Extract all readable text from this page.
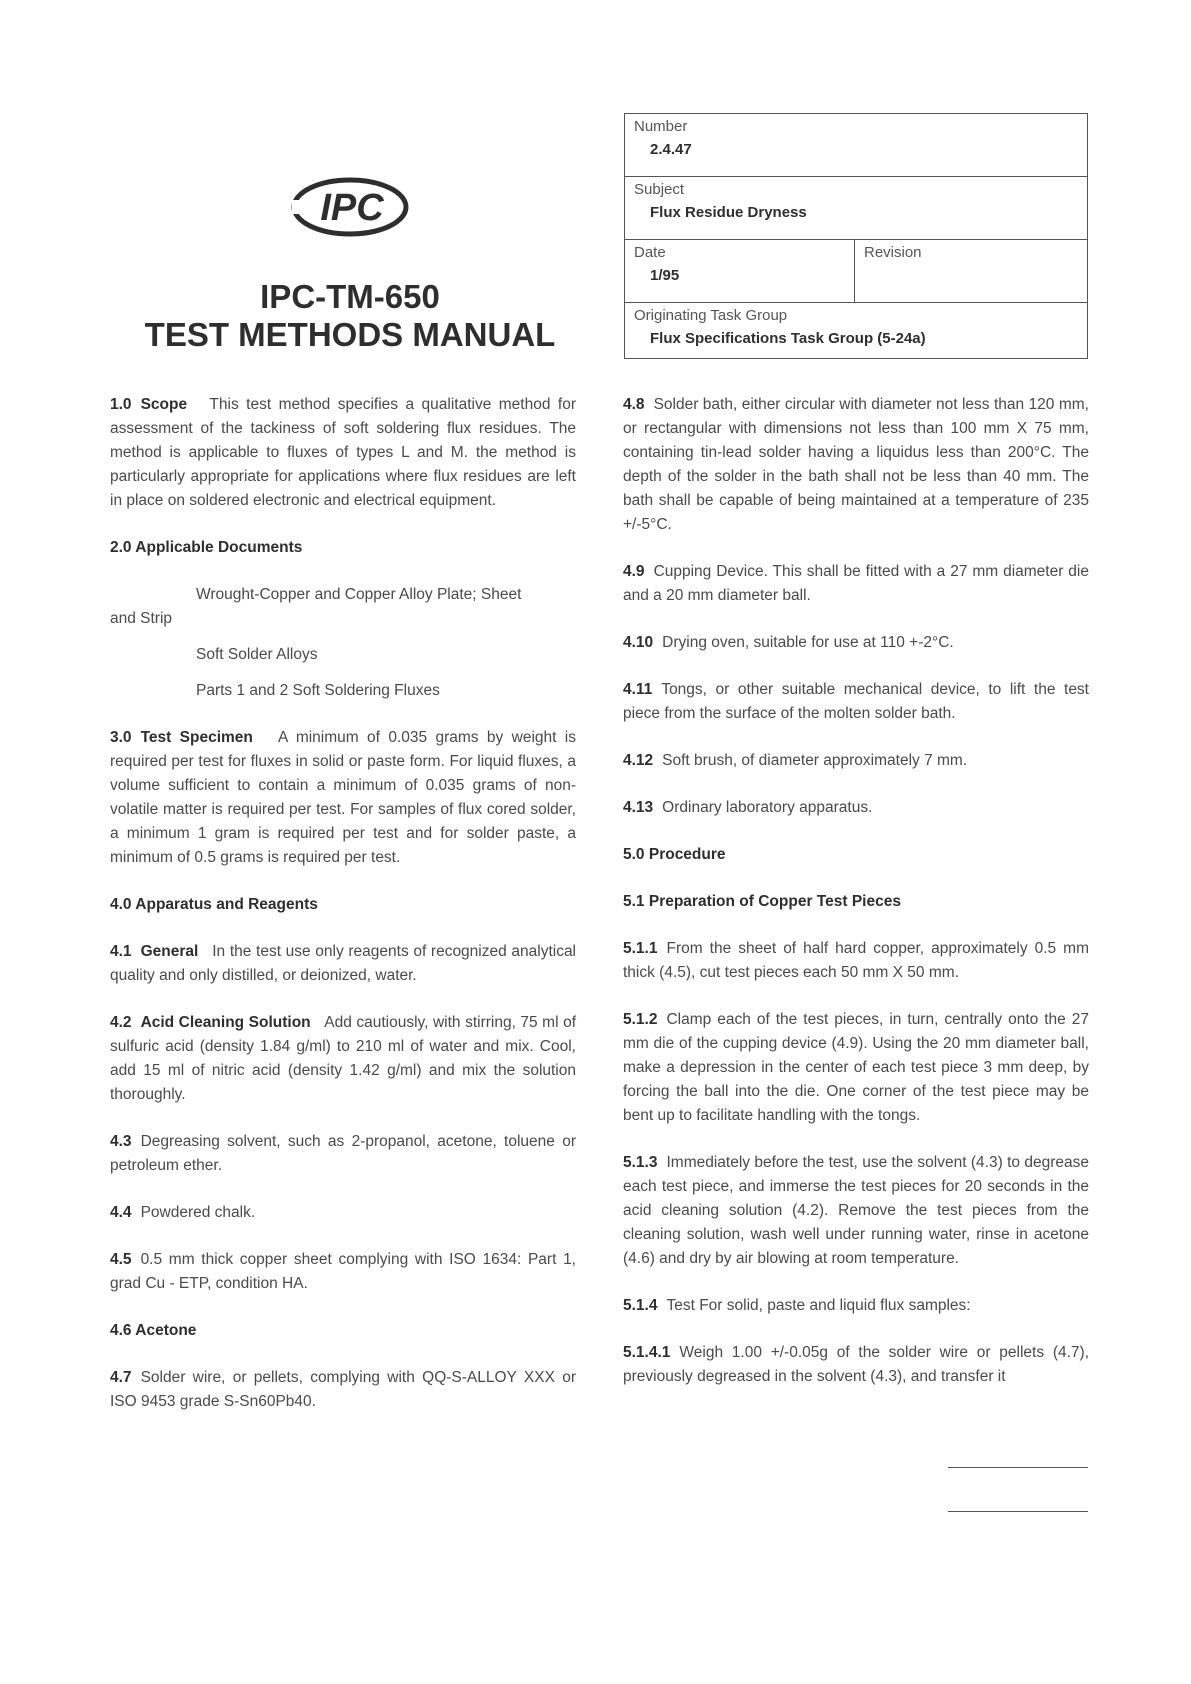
IPC
IPC-TM-650
TEST METHODS MANUAL
Number
2.4.47
Subject
Flux Residue Dryness
Date
1/95
Revision
Originating Task Group
Flux Specifications Task Group (5-24a)

1.0 Scope This test method specifies a qualitative method for assessment of the tackiness of soft soldering flux residues. The method is applicable to fluxes of types L and M. the method is particularly appropriate for applications where flux residues are left in place on soldered electronic and electrical equipment.

2.0 Applicable Documents

Wrought-Copper and Copper Alloy Plate; Sheet
and Strip
Soft Solder Alloys
Parts 1 and 2 Soft Soldering Fluxes

3.0 Test Specimen A minimum of 0.035 grams by weight is required per test for fluxes in solid or paste form. For liquid fluxes, a volume sufficient to contain a minimum of 0.035 grams of non-volatile matter is required per test. For samples of flux cored solder, a minimum 1 gram is required per test and for solder paste, a minimum of 0.5 grams is required per test.

4.0 Apparatus and Reagents

4.1 General In the test use only reagents of recognized analytical quality and only distilled, or deionized, water.

4.2 Acid Cleaning Solution Add cautiously, with stirring, 75 ml of sulfuric acid (density 1.84 g/ml) to 210 ml of water and mix. Cool, add 15 ml of nitric acid (density 1.42 g/ml) and mix the solution thoroughly.

4.3 Degreasing solvent, such as 2-propanol, acetone, toluene or petroleum ether.

4.4 Powdered chalk.

4.5 0.5 mm thick copper sheet complying with ISO 1634: Part 1, grad Cu - ETP, condition HA.

4.6 Acetone

4.7 Solder wire, or pellets, complying with QQ-S-ALLOY XXX or ISO 9453 grade S-Sn60Pb40.

4.8 Solder bath, either circular with diameter not less than 120 mm, or rectangular with dimensions not less than 100 mm X 75 mm, containing tin-lead solder having a liquidus less than 200°C. The depth of the solder in the bath shall not be less than 40 mm. The bath shall be capable of being maintained at a temperature of 235 +/-5°C.

4.9 Cupping Device. This shall be fitted with a 27 mm diameter die and a 20 mm diameter ball.

4.10 Drying oven, suitable for use at 110 +-2°C.

4.11 Tongs, or other suitable mechanical device, to lift the test piece from the surface of the molten solder bath.

4.12 Soft brush, of diameter approximately 7 mm.

4.13 Ordinary laboratory apparatus.

5.0 Procedure

5.1 Preparation of Copper Test Pieces

5.1.1 From the sheet of half hard copper, approximately 0.5 mm thick (4.5), cut test pieces each 50 mm X 50 mm.

5.1.2 Clamp each of the test pieces, in turn, centrally onto the 27 mm die of the cupping device (4.9). Using the 20 mm diameter ball, make a depression in the center of each test piece 3 mm deep, by forcing the ball into the die. One corner of the test piece may be bent up to facilitate handling with the tongs.

5.1.3 Immediately before the test, use the solvent (4.3) to degrease each test piece, and immerse the test pieces for 20 seconds in the acid cleaning solution (4.2). Remove the test pieces from the cleaning solution, wash well under running water, rinse in acetone (4.6) and dry by air blowing at room temperature.

5.1.4 Test For solid, paste and liquid flux samples:

5.1.4.1 Weigh 1.00 +/-0.05g of the solder wire or pellets (4.7), previously degreased in the solvent (4.3), and transfer it
